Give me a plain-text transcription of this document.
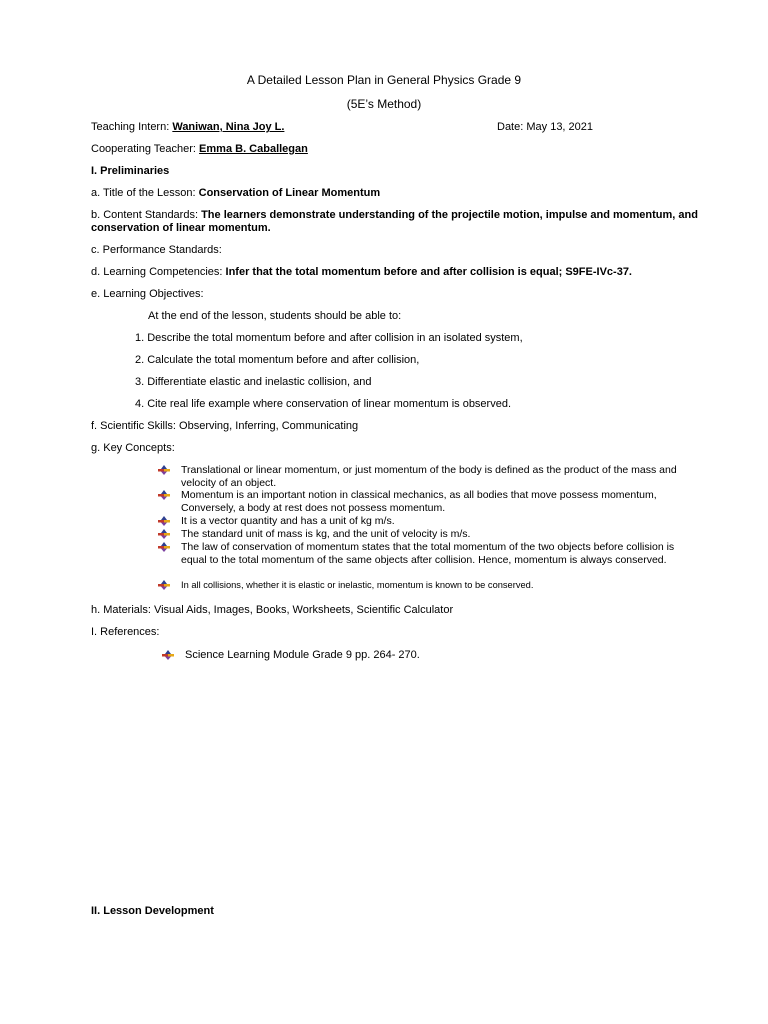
A Detailed Lesson Plan in General Physics Grade 9
(5E’s Method)
Teaching Intern: Waniwan, Nina Joy L.	Date: May 13, 2021
Cooperating Teacher: Emma B. Caballegan
I. Preliminaries
a. Title of the Lesson: Conservation of Linear Momentum
b. Content Standards: The learners demonstrate understanding of the projectile motion, impulse and momentum, and
conservation of linear momentum.
c. Performance Standards:
d. Learning Competencies: Infer that the total momentum before and after collision is equal; S9FE-IVc-37.
e. Learning Objectives:
At the end of the lesson, students should be able to:
1. Describe the total momentum before and after collision in an isolated system,
2. Calculate the total momentum before and after collision,
3. Differentiate elastic and inelastic collision, and
4. Cite real life example where conservation of linear momentum is observed.
f. Scientific Skills: Observing, Inferring, Communicating
g. Key Concepts:
Translational or linear momentum, or just momentum of the body is defined as the product of the mass and velocity of an object.
Momentum is an important notion in classical mechanics, as all bodies that move possess momentum, Conversely, a body at rest does not possess momentum.
It is a vector quantity and has a unit of kg m/s.
The standard unit of mass is kg, and the unit of velocity is m/s.
The law of conservation of momentum states that the total momentum of the two objects before collision is equal to the total momentum of the same objects after collision. Hence, momentum is always conserved.
In all collisions, whether it is elastic or inelastic, momentum is known to be conserved.
h. Materials: Visual Aids, Images, Books, Worksheets, Scientific Calculator
I. References:
Science Learning Module Grade 9 pp. 264- 270.
II. Lesson Development
